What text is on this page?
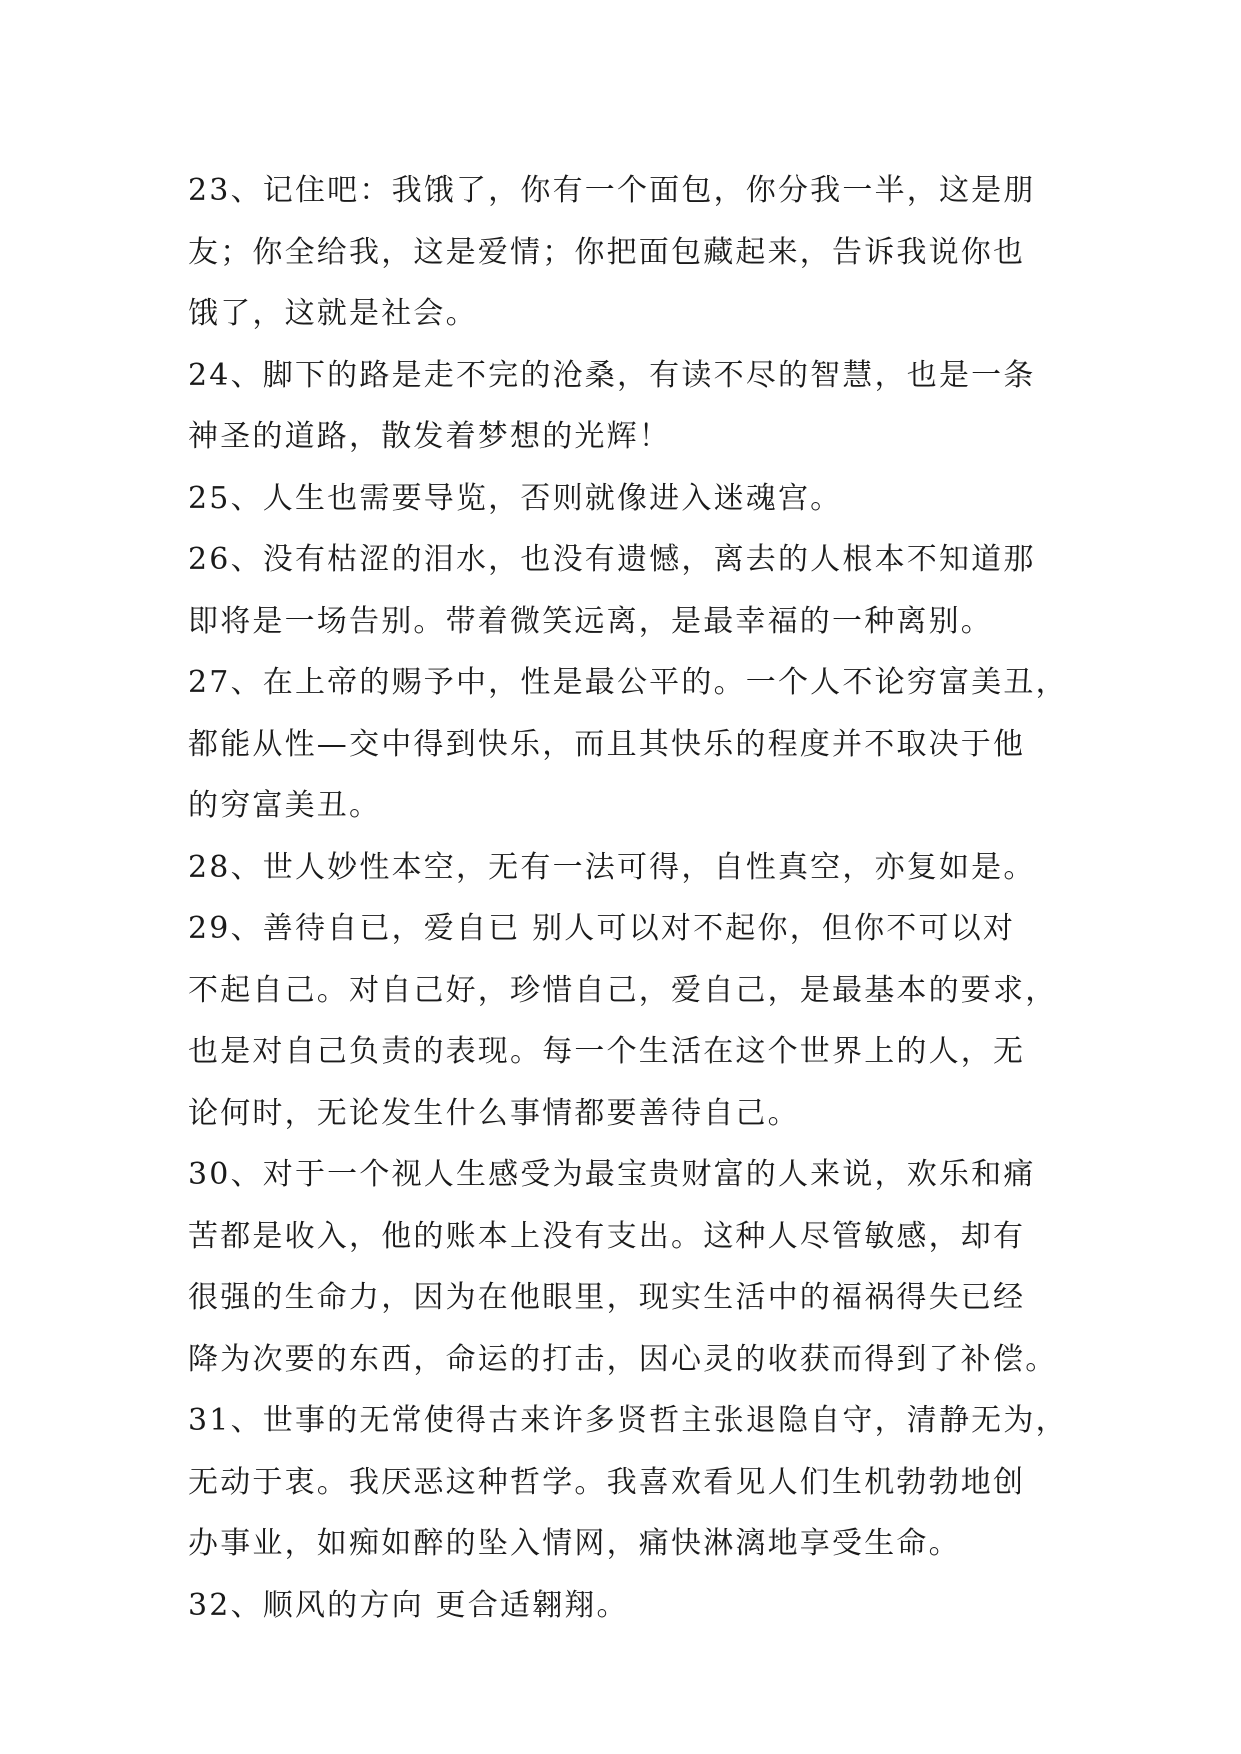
23、记住吧：我饿了，你有一个面包，你分我一半，这是朋
友；你全给我，这是爱情；你把面包藏起来，告诉我说你也
饿了，这就是社会。
24、脚下的路是走不完的沧桑，有读不尽的智慧，也是一条
神圣的道路，散发着梦想的光辉！
25、人生也需要导览，否则就像进入迷魂宫。
26、没有枯涩的泪水，也没有遗憾，离去的人根本不知道那
即将是一场告别。带着微笑远离，是最幸福的一种离别。
27、在上帝的赐予中，性是最公平的。一个人不论穷富美丑，
都能从性—交中得到快乐，而且其快乐的程度并不取决于他
的穷富美丑。
28、世人妙性本空，无有一法可得，自性真空，亦复如是。
29、善待自已，爱自已 别人可以对不起你，但你不可以对
不起自己。对自己好，珍惜自己，爱自己，是最基本的要求，
也是对自己负责的表现。每一个生活在这个世界上的人，无
论何时，无论发生什么事情都要善待自己。
30、对于一个视人生感受为最宝贵财富的人来说，欢乐和痛
苦都是收入，他的账本上没有支出。这种人尽管敏感，却有
很强的生命力，因为在他眼里，现实生活中的福祸得失已经
降为次要的东西，命运的打击，因心灵的收获而得到了补偿。
31、世事的无常使得古来许多贤哲主张退隐自守，清静无为，
无动于衷。我厌恶这种哲学。我喜欢看见人们生机勃勃地创
办事业，如痴如醉的坠入情网，痛快淋漓地享受生命。
32、顺风的方向 更合适翱翔。
